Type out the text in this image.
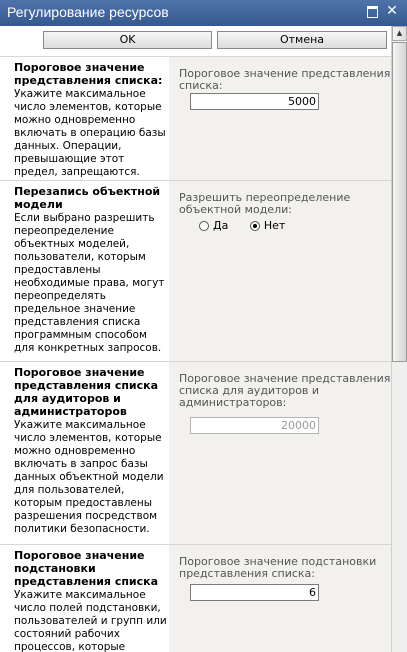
Регулирование ресурсов	✕
OK	Отмена
Пороговое значение представления списка:
Укажите максимальное число элементов, которые можно одновременно включать в операцию базы данных. Операции, превышающие этот предел, запрещаются.
Пороговое значение представления списка:
5000
Перезапись объектной модели
Если выбрано разрешить переопределение объектных моделей, пользователи, которым предоставлены необходимые права, могут переопределять предельное значение представления списка программным способом для конкретных запросов.
Разрешить переопределение объектной модели:
Да	Нет
Пороговое значение представления списка для аудиторов и администраторов
Укажите максимальное число элементов, которые можно одновременно включать в запрос базы данных объектной модели для пользователей, которым предоставлены разрешения посредством политики безопасности.
Пороговое значение представления списка для аудиторов и администраторов:
20000
Пороговое значение подстановки представления списка
Укажите максимальное число полей подстановки, пользователей и групп или состояний рабочих процессов, которые
Пороговое значение подстановки представления списка:
6
▲
